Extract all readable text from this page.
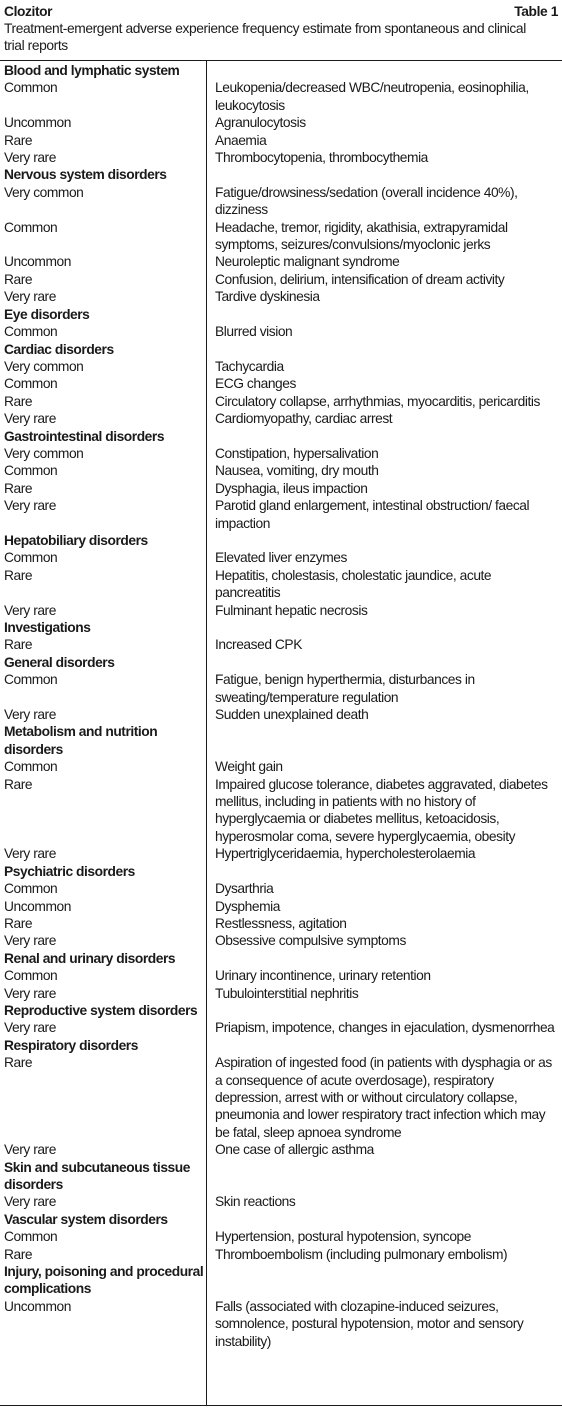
Clozitor	Table 1
Treatment-emergent adverse experience frequency estimate from spontaneous and clinical trial reports
Blood and lymphatic system
Common	Leukopenia/decreased WBC/neutropenia, eosinophilia, leukocytosis
Uncommon	Agranulocytosis
Rare	Anaemia
Very rare	Thrombocytopenia, thrombocythemia
Nervous system disorders
Very common	Fatigue/drowsiness/sedation (overall incidence 40%), dizziness
Common	Headache, tremor, rigidity, akathisia, extrapyramidal symptoms, seizures/convulsions/myoclonic jerks
Uncommon	Neuroleptic malignant syndrome
Rare	Confusion, delirium, intensification of dream activity
Very rare	Tardive dyskinesia
Eye disorders
Common	Blurred vision
Cardiac disorders
Very common	Tachycardia
Common	ECG changes
Rare	Circulatory collapse, arrhythmias, myocarditis, pericarditis
Very rare	Cardiomyopathy, cardiac arrest
Gastrointestinal disorders
Very common	Constipation, hypersalivation
Common	Nausea, vomiting, dry mouth
Rare	Dysphagia, ileus impaction
Very rare	Parotid gland enlargement, intestinal obstruction/ faecal impaction
Hepatobiliary disorders
Common	Elevated liver enzymes
Rare	Hepatitis, cholestasis, cholestatic jaundice, acute pancreatitis
Very rare	Fulminant hepatic necrosis
Investigations
Rare	Increased CPK
General disorders
Common	Fatigue, benign hyperthermia, disturbances in sweating/temperature regulation
Very rare	Sudden unexplained death
Metabolism and nutrition disorders
Common	Weight gain
Rare	Impaired glucose tolerance, diabetes aggravated, diabetes mellitus, including in patients with no history of hyperglycaemia or diabetes mellitus, ketoacidosis, hyperosmolar coma, severe hyperglycaemia, obesity
Very rare	Hypertriglyceridaemia, hypercholesterolaemia
Psychiatric disorders
Common	Dysarthria
Uncommon	Dysphemia
Rare	Restlessness, agitation
Very rare	Obsessive compulsive symptoms
Renal and urinary disorders
Common	Urinary incontinence, urinary retention
Very rare	Tubulointerstitial nephritis
Reproductive system disorders
Very rare	Priapism, impotence, changes in ejaculation, dysmenorrhea
Respiratory disorders
Rare	Aspiration of ingested food (in patients with dysphagia or as a consequence of acute overdosage), respiratory depression, arrest with or without circulatory collapse, pneumonia and lower respiratory tract infection which may be fatal, sleep apnoea syndrome
Very rare	One case of allergic asthma
Skin and subcutaneous tissue disorders
Very rare	Skin reactions
Vascular system disorders
Common	Hypertension, postural hypotension, syncope
Rare	Thromboembolism (including pulmonary embolism)
Injury, poisoning and procedural complications
Uncommon	Falls (associated with clozapine-induced seizures, somnolence, postural hypotension, motor and sensory instability)
